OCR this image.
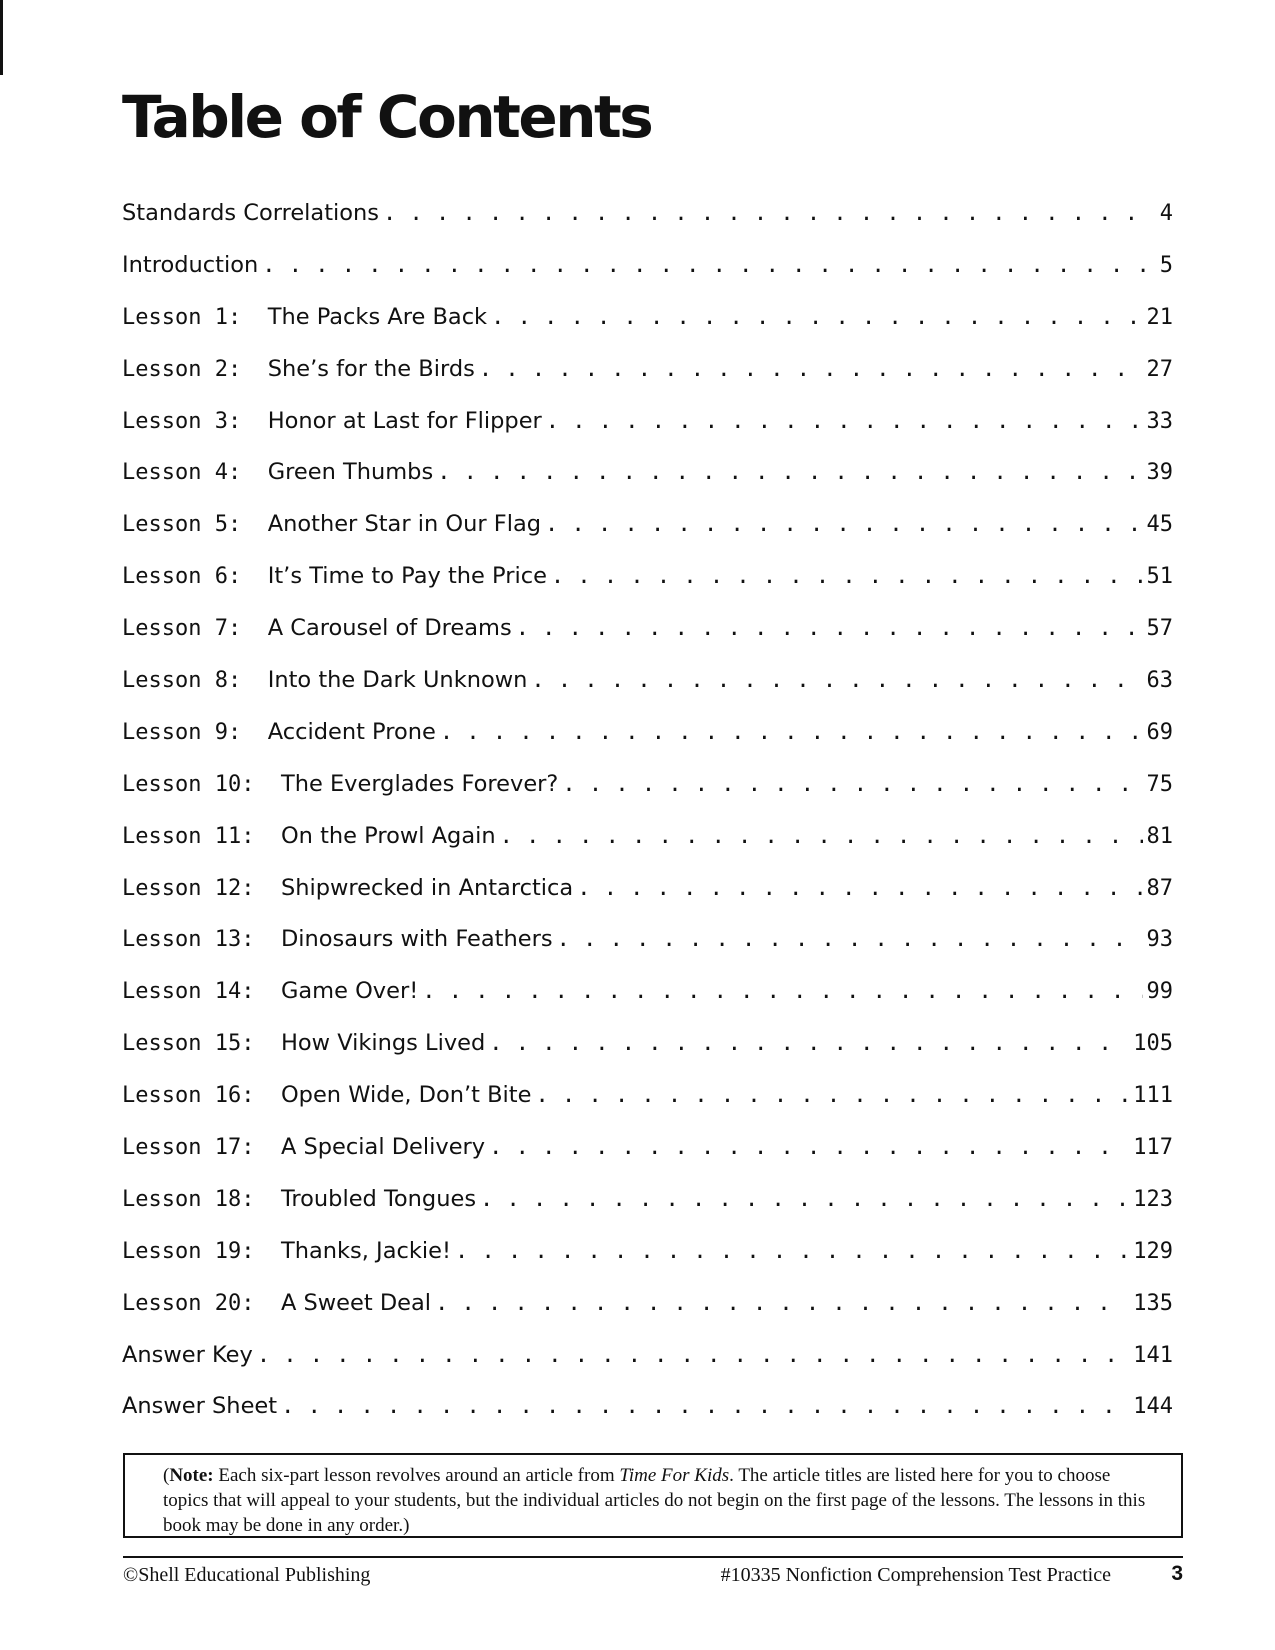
Table of Contents
Standards Correlations . . .	4
Introduction . . .	5
Lesson 1: The Packs Are Back . . .	21
Lesson 2: She’s for the Birds . . .	27
Lesson 3: Honor at Last for Flipper . . .	33
Lesson 4: Green Thumbs . . .	39
Lesson 5: Another Star in Our Flag . . .	45
Lesson 6: It’s Time to Pay the Price . . .	51
Lesson 7: A Carousel of Dreams . . .	57
Lesson 8: Into the Dark Unknown . . .	63
Lesson 9: Accident Prone . . .	69
Lesson 10: The Everglades Forever? . . .	75
Lesson 11: On the Prowl Again . . .	81
Lesson 12: Shipwrecked in Antarctica . . .	87
Lesson 13: Dinosaurs with Feathers . . .	93
Lesson 14: Game Over! . . .	99
Lesson 15: How Vikings Lived . . .	105
Lesson 16: Open Wide, Don’t Bite . . .	111
Lesson 17: A Special Delivery . . .	117
Lesson 18: Troubled Tongues . . .	123
Lesson 19: Thanks, Jackie! . . .	129
Lesson 20: A Sweet Deal . . .	135
Answer Key . . .	141
Answer Sheet . . .	144
(Note: Each six-part lesson revolves around an article from Time For Kids. The article titles are listed here for you to choose topics that will appeal to your students, but the individual articles do not begin on the first page of the lessons. The lessons in this book may be done in any order.)
©Shell Educational Publishing	#10335 Nonfiction Comprehension Test Practice	3
